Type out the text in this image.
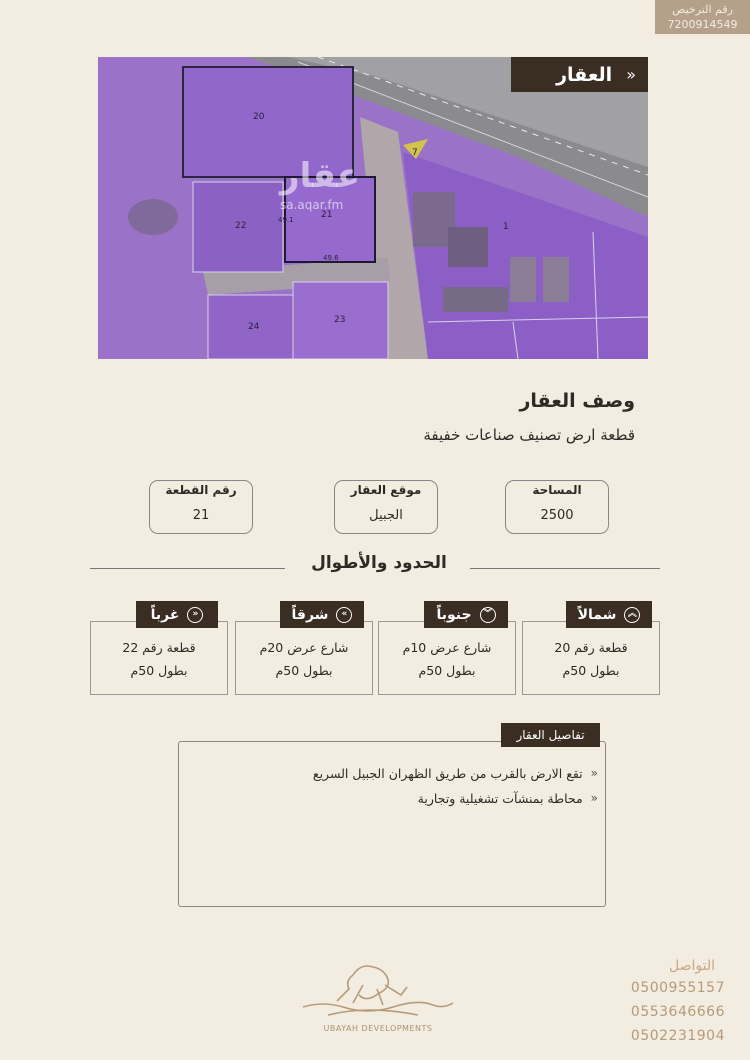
رقم الترخيص
7200914549
20
22
21
23
24
7
1
49.1
49.6
عقار
sa.aqar.fm
العقار »
وصف العقار
قطعة ارض تصنيف صناعات خفيفة
رقم القطعة
21
موقع العقار
الجبيل
المساحة
2500
الحدود والأطوال
قطعة رقم 22
بطول 50م
شارع عرض 20م
بطول 50م
شارع عرض 10م
بطول 50م
قطعة رقم 20
بطول 50م
«
غرباً	»
شرقاً	︾
جنوباً	︽
شمالاً
تفاصيل العقار
«
تقع الارض بالقرب من طريق الظهران الجبيل السريع
«
محاطة بمنشآت تشغيلية وتجارية
UBAYAH DEVELOPMENTS
التواصل
0500955157
0553646666
0502231904
